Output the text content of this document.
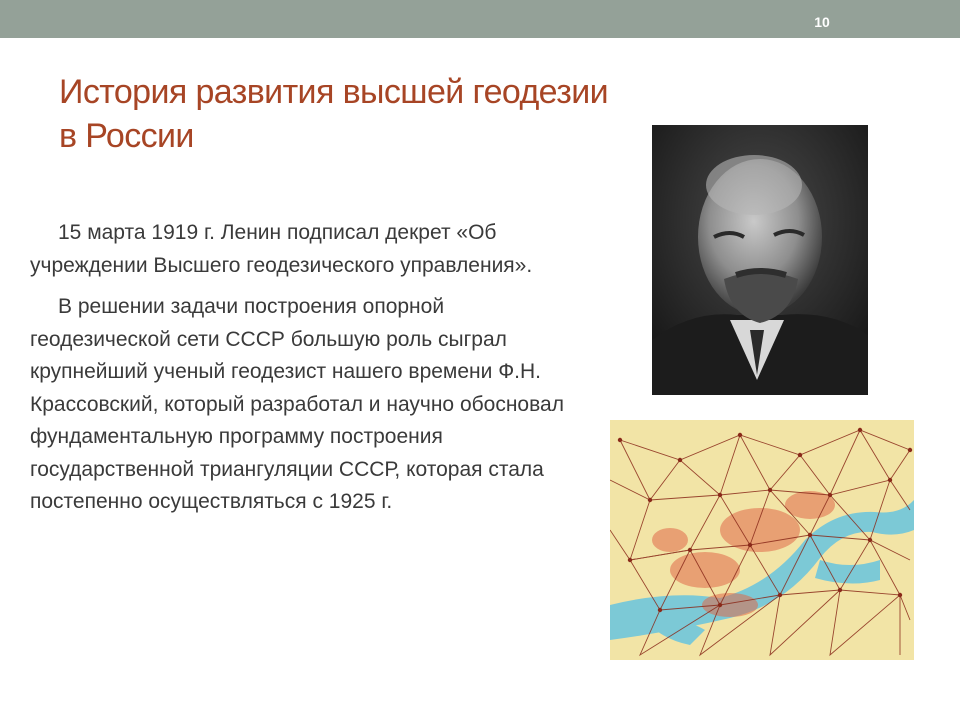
10
История развития высшей геодезии
в России

15 марта 1919 г. Ленин подписал декрет «Об учреждении Высшего геодезического управления».

В решении задачи построения опорной геодезической сети СССР большую роль сыграл крупнейший ученый геодезист нашего времени Ф.Н. Крассовский, который разработал и научно обосновал фундаментальную программу построения государственной триангуляции СССР, которая стала постепенно осуществляться с 1925 г.
